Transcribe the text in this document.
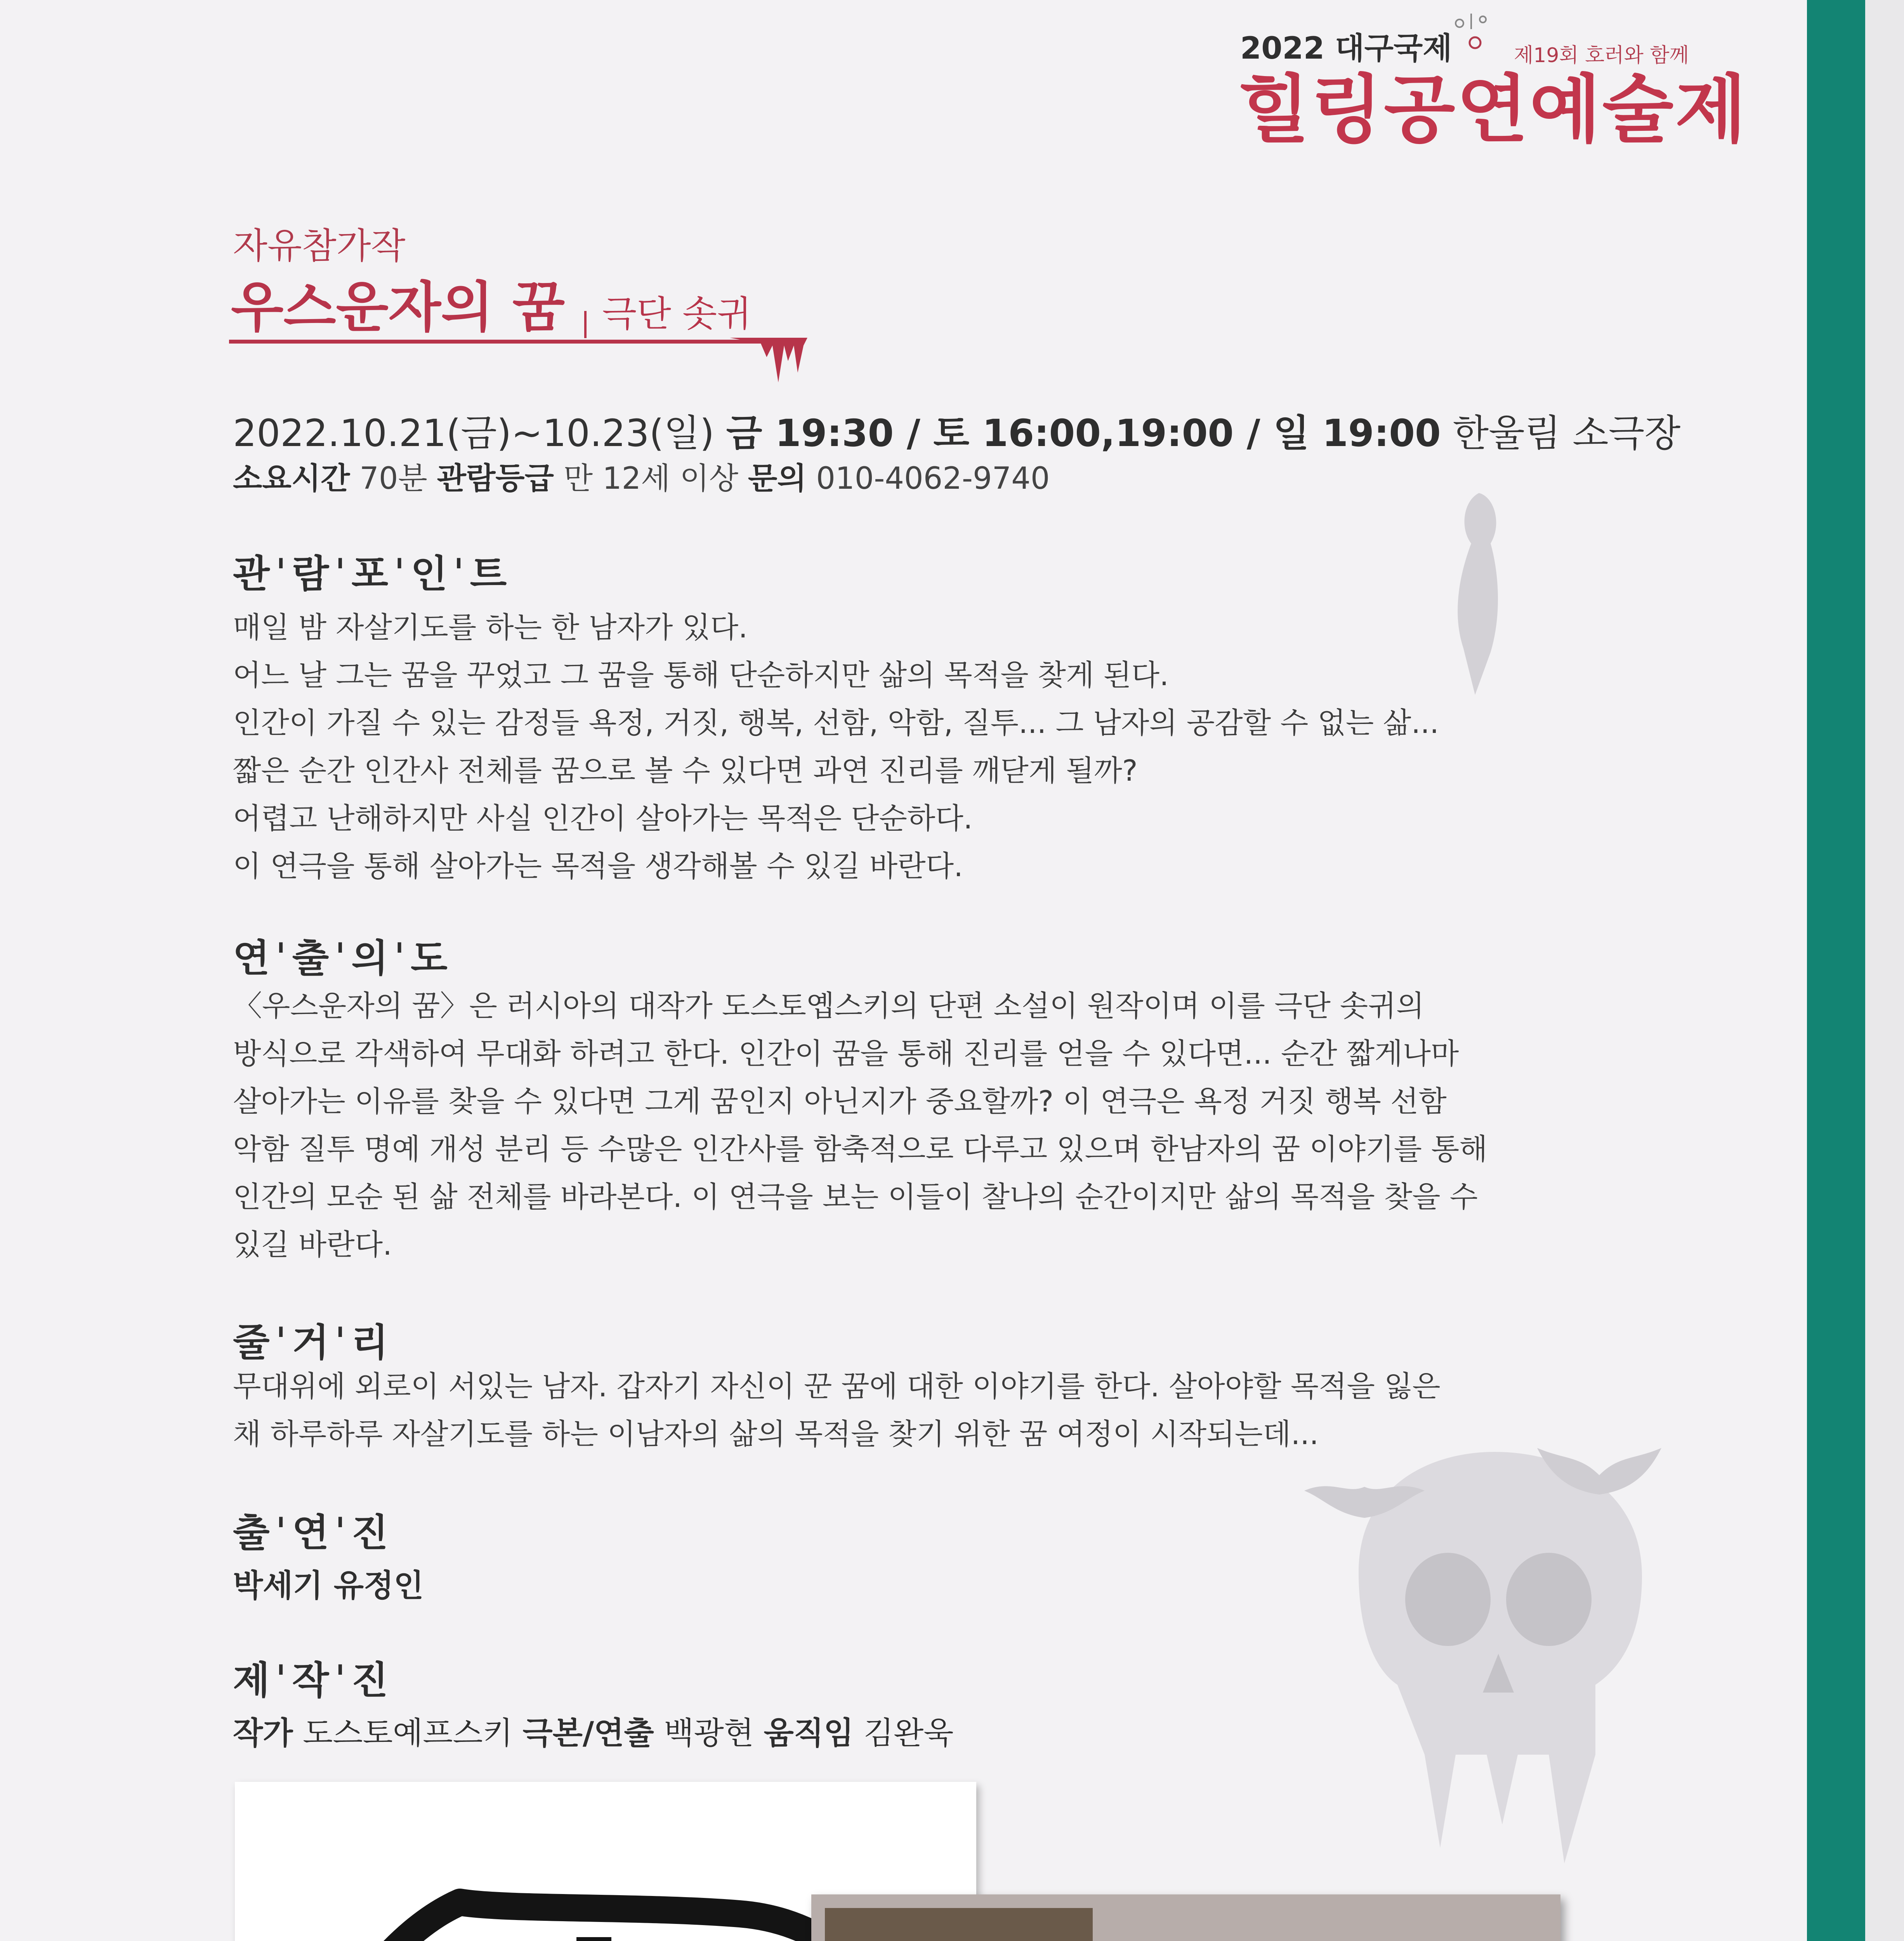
2022 대구국제	제19회 호러와 함께
힐링공연예술제
자유참가작
우스운자의 꿈 극단 솟귀
2022.10.21(금)~10.23(일) 금 19:30 / 토 16:00,19:00 / 일 19:00 한울림 소극장
소요시간 70분 관람등급 만 12세 이상 문의 010-4062-9740
관ˈ람ˈ포ˈ인ˈ트
매일 밤 자살기도를 하는 한 남자가 있다.
어느 날 그는 꿈을 꾸었고 그 꿈을 통해 단순하지만 삶의 목적을 찾게 된다.
인간이 가질 수 있는 감정들 욕정, 거짓, 행복, 선함, 악함, 질투... 그 남자의 공감할 수 없는 삶...
짧은 순간 인간사 전체를 꿈으로 볼 수 있다면 과연 진리를 깨닫게 될까?
어렵고 난해하지만 사실 인간이 살아가는 목적은 단순하다.
이 연극을 통해 살아가는 목적을 생각해볼 수 있길 바란다.
연ˈ출ˈ의ˈ도
〈우스운자의 꿈〉은 러시아의 대작가 도스토옙스키의 단편 소설이 원작이며 이를 극단 솟귀의
방식으로 각색하여 무대화 하려고 한다. 인간이 꿈을 통해 진리를 얻을 수 있다면... 순간 짧게나마
살아가는 이유를 찾을 수 있다면 그게 꿈인지 아닌지가 중요할까? 이 연극은 욕정 거짓 행복 선함
악함 질투 명예 개성 분리 등 수많은 인간사를 함축적으로 다루고 있으며 한남자의 꿈 이야기를 통해
인간의 모순 된 삶 전체를 바라본다. 이 연극을 보는 이들이 찰나의 순간이지만 삶의 목적을 찾을 수
있길 바란다.
줄ˈ거ˈ리
무대위에 외로이 서있는 남자. 갑자기 자신이 꾼 꿈에 대한 이야기를 한다. 살아야할 목적을 잃은
채 하루하루 자살기도를 하는 이남자의 삶의 목적을 찾기 위한 꿈 여정이 시작되는데...
출ˈ연ˈ진
박세기 유정인
제ˈ작ˈ진
작가 도스토예프스키 극본/연출 백광현 움직임 김완욱
